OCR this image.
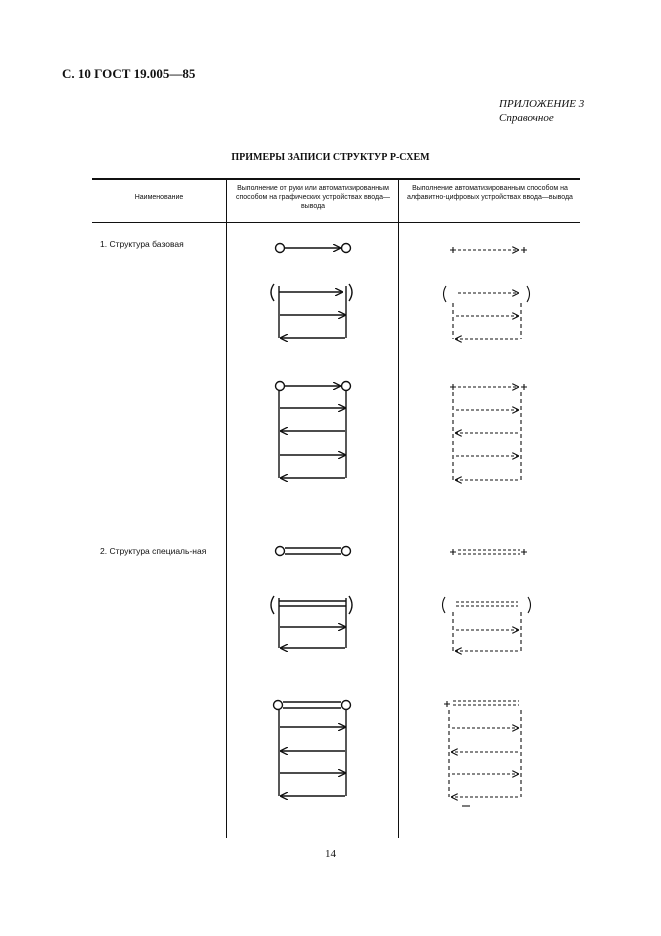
С. 10 ГОСТ 19.005—85
ПРИЛОЖЕНИЕ 3
Справочное
ПРИМЕРЫ ЗАПИСИ СТРУКТУР Р-СХЕМ
Наименование
Выполнение от руки или автоматизированным способом на графических устройствах ввода—вывода
Выполнение автоматизированным способом на алфавитно-цифровых устройствах ввода—вывода
1. Структура базовая
2. Структура специаль-ная
14
